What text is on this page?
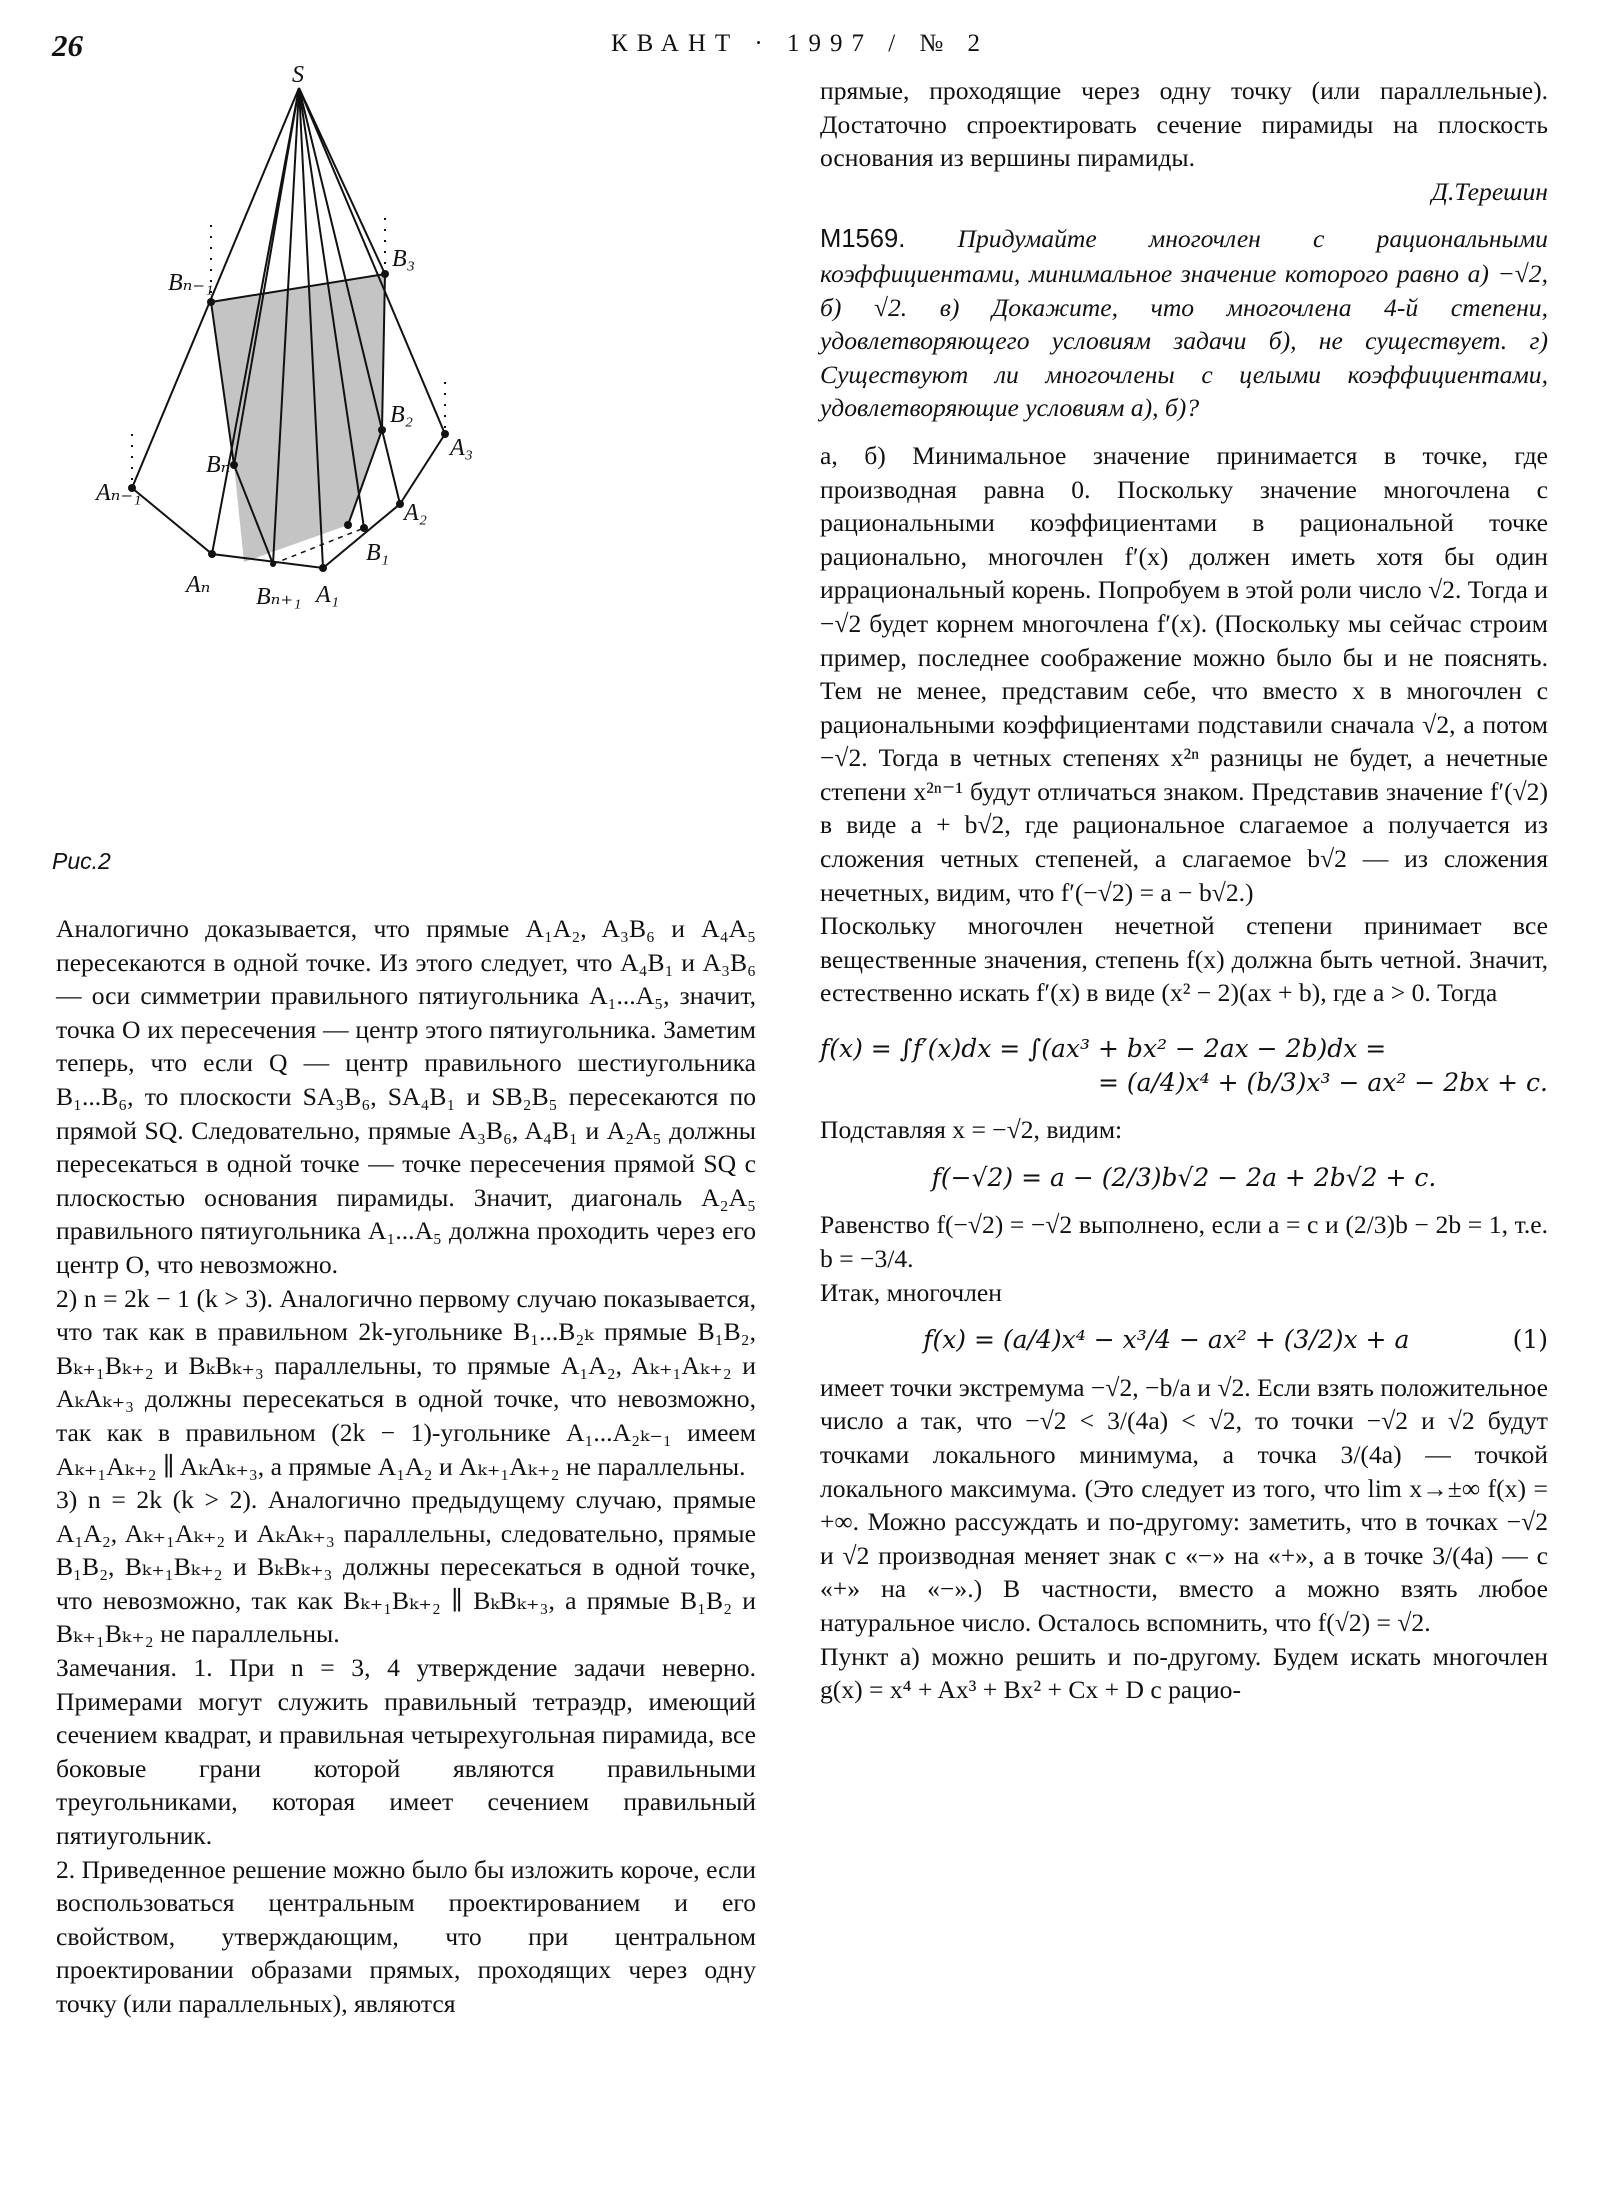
26	КВАНТ · 1997 / № 2
S
B₃
Bₙ₋₁
B₂
A₃
Bₙ
Aₙ₋₁
A₂
B₁
Aₙ Bₙ₊₁ A₁
Рис.2

Аналогично доказывается, что прямые A₁A₂, A₃B₆ и A₄A₅ пересекаются в одной точке. Из этого следует, что A₄B₁ и A₃B₆ — оси симметрии правильного пятиугольника A₁...A₅, значит, точка O их пересечения — центр этого пятиугольника. Заметим теперь, что если Q — центр правильного шестиугольника B₁...B₆, то плоскости SA₃B₆, SA₄B₁ и SB₂B₅ пересекаются по прямой SQ. Следовательно, прямые A₃B₆, A₄B₁ и A₂A₅ должны пересекаться в одной точке — точке пересечения прямой SQ с плоскостью основания пирамиды. Значит, диагональ A₂A₅ правильного пятиугольника A₁...A₅ должна проходить через его центр O, что невозможно.

2) n = 2k − 1 (k > 3). Аналогично первому случаю показывается, что так как в правильном 2k-угольнике B₁...B₂ₖ прямые B₁B₂, Bₖ₊₁Bₖ₊₂ и BₖBₖ₊₃ параллельны, то прямые A₁A₂, Aₖ₊₁Aₖ₊₂ и AₖAₖ₊₃ должны пересекаться в одной точке, что невозможно, так как в правильном (2k − 1)-угольнике A₁...A₂ₖ₋₁ имеем Aₖ₊₁Aₖ₊₂ ∥ AₖAₖ₊₃, а прямые A₁A₂ и Aₖ₊₁Aₖ₊₂ не параллельны.

3) n = 2k (k > 2). Аналогично предыдущему случаю, прямые A₁A₂, Aₖ₊₁Aₖ₊₂ и AₖAₖ₊₃ параллельны, следовательно, прямые B₁B₂, Bₖ₊₁Bₖ₊₂ и BₖBₖ₊₃ должны пересекаться в одной точке, что невозможно, так как Bₖ₊₁Bₖ₊₂ ∥ BₖBₖ₊₃, а прямые B₁B₂ и Bₖ₊₁Bₖ₊₂ не параллельны.

Замечания. 1. При n = 3, 4 утверждение задачи неверно. Примерами могут служить правильный тетраэдр, имеющий сечением квадрат, и правильная четырехугольная пирамида, все боковые грани которой являются правильными треугольниками, которая имеет сечением правильный пятиугольник.

2. Приведенное решение можно было бы изложить короче, если воспользоваться центральным проектированием и его свойством, утверждающим, что при центральном проектировании образами прямых, проходящих через одну точку (или параллельных), являются

прямые, проходящие через одну точку (или параллельные). Достаточно спроектировать сечение пирамиды на плоскость основания из вершины пирамиды.

Д.Терешин

М1569. Придумайте многочлен с рациональными коэффициентами, минимальное значение которого равно а) −√2, б) √2. в) Докажите, что многочлена 4-й степени, удовлетворяющего условиям задачи б), не существует. г) Существуют ли многочлены с целыми коэффициентами, удовлетворяющие условиям а), б)?

а, б) Минимальное значение принимается в точке, где производная равна 0. Поскольку значение многочлена с рациональными коэффициентами в рациональной точке рационально, многочлен f′(x) должен иметь хотя бы один иррациональный корень. Попробуем в этой роли число √2. Тогда и −√2 будет корнем многочлена f′(x). (Поскольку мы сейчас строим пример, последнее соображение можно было бы и не пояснять. Тем не менее, представим себе, что вместо x в многочлен с рациональными коэффициентами подставили сначала √2, а потом −√2. Тогда в четных степенях x²ⁿ разницы не будет, а нечетные степени x²ⁿ⁻¹ будут отличаться знаком. Представив значение f′(√2) в виде a + b√2, где рациональное слагаемое a получается из сложения четных степеней, а слагаемое b√2 — из сложения нечетных, видим, что f′(−√2) = a − b√2.)

Поскольку многочлен нечетной степени принимает все вещественные значения, степень f(x) должна быть четной. Значит, естественно искать f′(x) в виде (x² − 2)(ax + b), где a > 0. Тогда

f(x) = ∫f′(x)dx = ∫(ax³ + bx² − 2ax − 2b)dx =

= (a/4)x⁴ + (b/3)x³ − ax² − 2bx + c.

Подставляя x = −√2, видим:

f(−√2) = a − (2/3)b√2 − 2a + 2b√2 + c.

Равенство f(−√2) = −√2 выполнено, если a = c и (2/3)b − 2b = 1, т.е. b = −3/4.

Итак, многочлен

f(x) = (a/4)x⁴ − x³/4 − ax² + (3/2)x + a	(1)

имеет точки экстремума −√2, −b/a и √2. Если взять положительное число a так, что −√2 < 3/(4a) < √2, то точки −√2 и √2 будут точками локального минимума, а точка 3/(4a) — точкой локального максимума. (Это следует из того, что lim x→±∞ f(x) = +∞. Можно рассуждать и по-другому: заметить, что в точках −√2 и √2 производная меняет знак с «−» на «+», а в точке 3/(4a) — с «+» на «−».) В частности, вместо a можно взять любое натуральное число. Осталось вспомнить, что f(√2) = √2.

Пункт а) можно решить и по-другому. Будем искать многочлен g(x) = x⁴ + Ax³ + Bx² + Cx + D с рацио-
